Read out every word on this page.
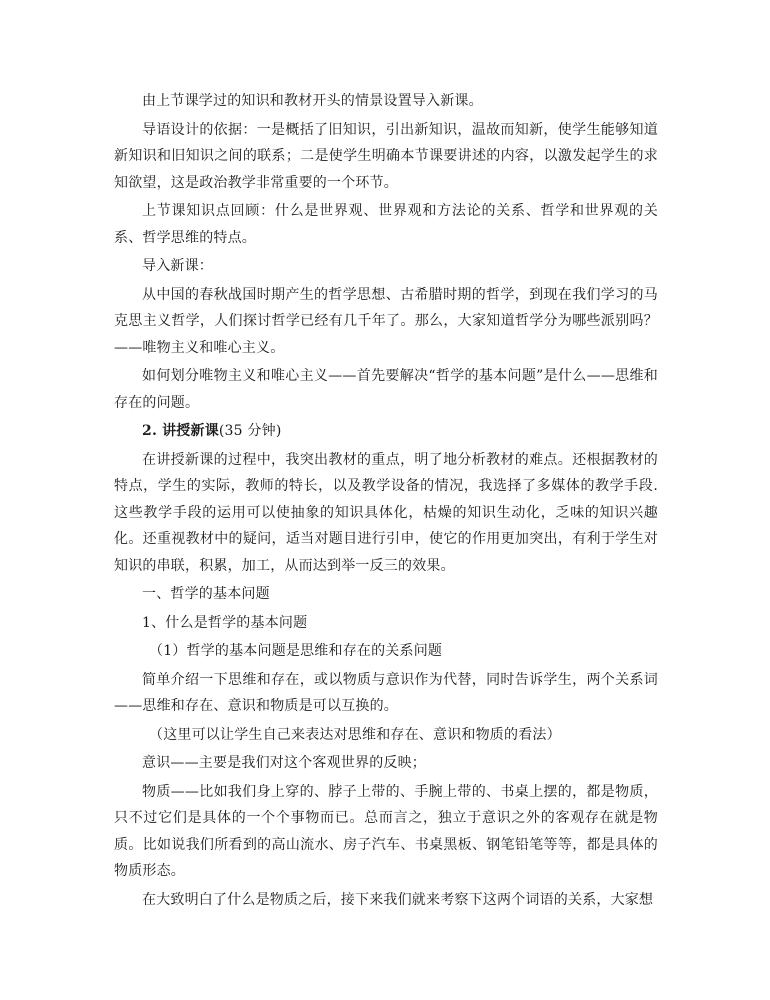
由上节课学过的知识和教材开头的情景设置导入新课。

导语设计的依据：一是概括了旧知识，引出新知识，温故而知新，使学生能够知道新知识和旧知识之间的联系；二是使学生明确本节课要讲述的内容，以激发起学生的求知欲望，这是政治教学非常重要的一个环节。

上节课知识点回顾：什么是世界观、世界观和方法论的关系、哲学和世界观的关系、哲学思维的特点。

导入新课：

从中国的春秋战国时期产生的哲学思想、古希腊时期的哲学，到现在我们学习的马克思主义哲学，人们探讨哲学已经有几千年了。那么，大家知道哲学分为哪些派别吗？——唯物主义和唯心主义。

如何划分唯物主义和唯心主义——首先要解决“哲学的基本问题”是什么——思维和存在的问题。

2. 讲授新课(35 分钟)

在讲授新课的过程中，我突出教材的重点，明了地分析教材的难点。还根据教材的特点，学生的实际，教师的特长，以及教学设备的情况，我选择了多媒体的教学手段.这些教学手段的运用可以使抽象的知识具体化，枯燥的知识生动化，乏味的知识兴趣化。还重视教材中的疑问，适当对题目进行引申，使它的作用更加突出，有利于学生对知识的串联，积累，加工，从而达到举一反三的效果。

一、哲学的基本问题

1、什么是哲学的基本问题

（1）哲学的基本问题是思维和存在的关系问题

简单介绍一下思维和存在，或以物质与意识作为代替，同时告诉学生，两个关系词——思维和存在、意识和物质是可以互换的。

（这里可以让学生自己来表达对思维和存在、意识和物质的看法）

意识——主要是我们对这个客观世界的反映；

物质——比如我们身上穿的、脖子上带的、手腕上带的、书桌上摆的，都是物质，只不过它们是具体的一个个事物而已。总而言之，独立于意识之外的客观存在就是物质。比如说我们所看到的高山流水、房子汽车、书桌黑板、钢笔铅笔等等，都是具体的物质形态。

在大致明白了什么是物质之后，接下来我们就来考察下这两个词语的关系，大家想
